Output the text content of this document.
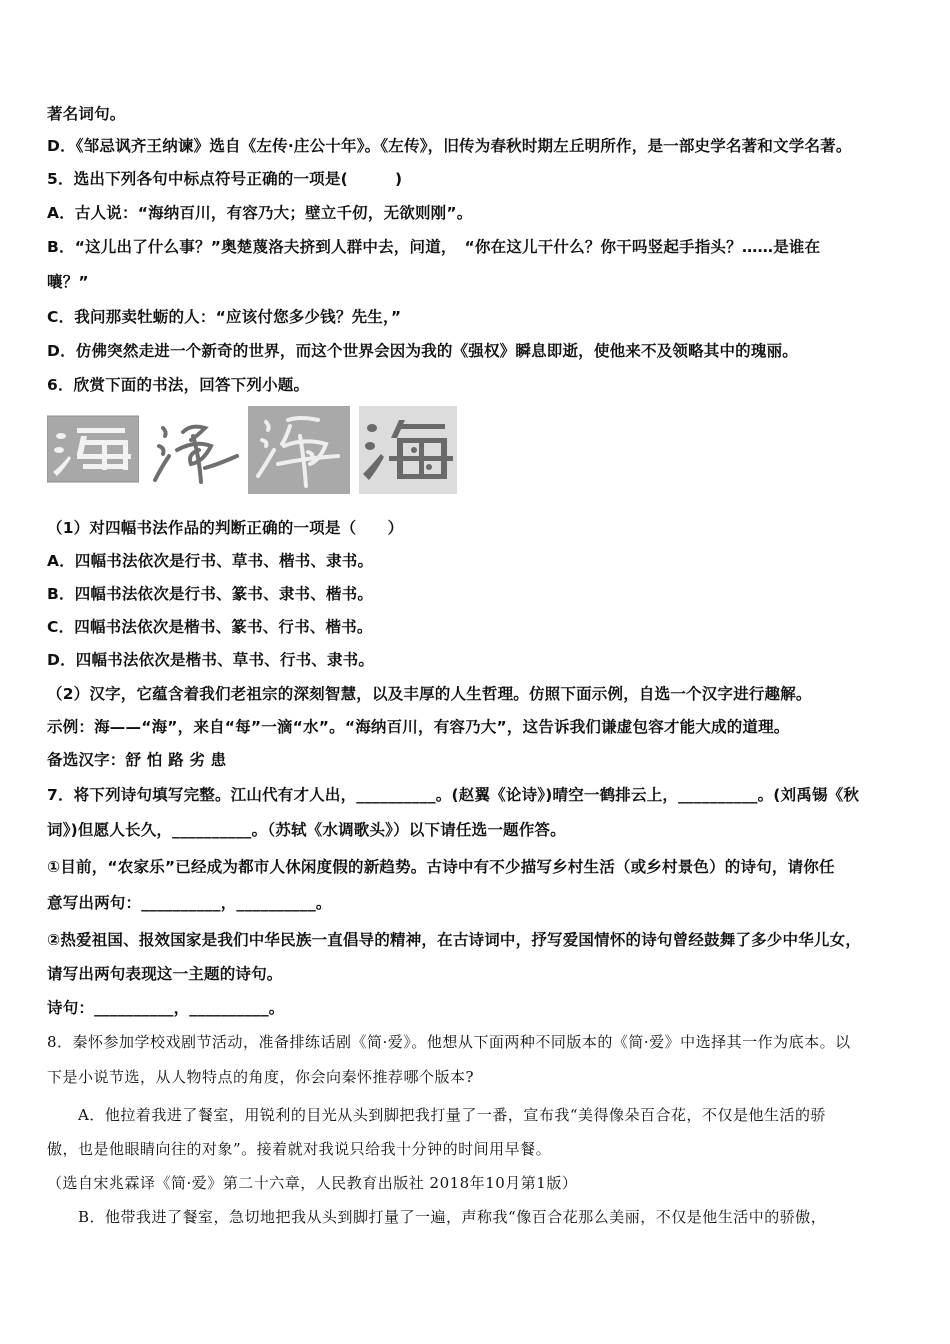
著名词句。
D．《邹忌讽齐王纳谏》选自《左传·庄公十年》。《左传》，旧传为春秋时期左丘明所作，是一部史学名著和文学名著。
5．选出下列各句中标点符号正确的一项是(　　　)
A．古人说：“海纳百川，有容乃大；壁立千仞，无欲则刚”。
B．“这儿出了什么事？”奥楚蔑洛夫挤到人群中去，问道，　“你在这儿干什么？你干吗竖起手指头？……是谁在
嚷？”
C．我问那卖牡蛎的人：“应该付您多少钱？先生，”
D．仿佛突然走进一个新奇的世界，而这个世界会因为我的《强权》瞬息即逝，使他来不及领略其中的瑰丽。
6．欣赏下面的书法，回答下列小题。
（1）对四幅书法作品的判断正确的一项是（　　）
A．四幅书法依次是行书、草书、楷书、隶书。
B．四幅书法依次是行书、篆书、隶书、楷书。
C．四幅书法依次是楷书、篆书、行书、楷书。
D．四幅书法依次是楷书、草书、行书、隶书。
（2）汉字，它蕴含着我们老祖宗的深刻智慧，以及丰厚的人生哲理。仿照下面示例，自选一个汉字进行趣解。
示例：海——“海”，来自“每”一滴“水”。“海纳百川，有容乃大”，这告诉我们谦虚包容才能大成的道理。
备选汉字：舒 怕 路 劣 患
7．将下列诗句填写完整。江山代有才人出，__________。(赵翼《论诗》)晴空一鹤排云上，__________。(刘禹锡《秋
词》)但愿人长久，__________。（苏轼《水调歌头》）以下请任选一题作答。
①目前，“农家乐”已经成为都市人休闲度假的新趋势。古诗中有不少描写乡村生活（或乡村景色）的诗句，请你任
意写出两句：__________，__________。
②热爱祖国、报效国家是我们中华民族一直倡导的精神，在古诗词中，抒写爱国情怀的诗句曾经鼓舞了多少中华儿女，
请写出两句表现这一主题的诗句。
诗句：__________，__________。
8．秦怀参加学校戏剧节活动，准备排练话剧《简·爱》。他想从下面两种不同版本的《简·爱》中选择其一作为底本。以
下是小说节选，从人物特点的角度，你会向秦怀推荐哪个版本?
A．他拉着我进了餐室，用锐利的目光从头到脚把我打量了一番，宣布我“美得像朵百合花，不仅是他生活的骄
傲，也是他眼睛向往的对象”。接着就对我说只给我十分钟的时间用早餐。
（选自宋兆霖译《简·爱》第二十六章，人民教育出版社 2018年10月第1版）
B．他带我进了餐室，急切地把我从头到脚打量了一遍，声称我“像百合花那么美丽，不仅是他生活中的骄傲，
